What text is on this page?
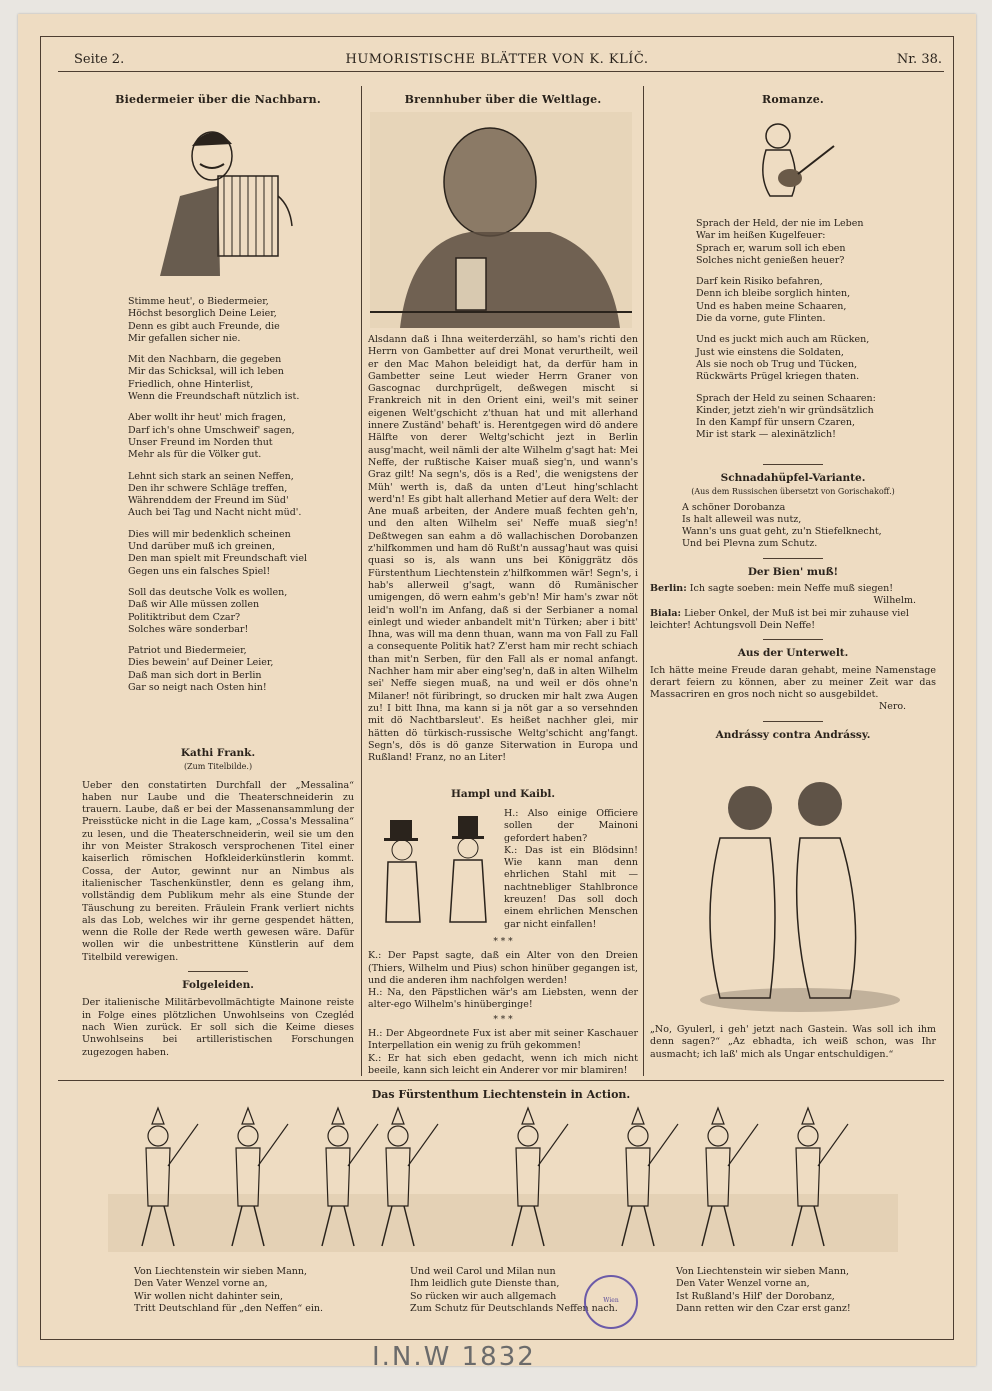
Seite 2.	HUMORISTISCHE BLÄTTER VON K. KLÍČ.	Nr. 38.
Biedermeier über die Nachbarn.

Stimme heut', o Biedermeier,

Höchst besorglich Deine Leier,

Denn es gibt auch Freunde, die

Mir gefallen sicher nie.

Mit den Nachbarn, die gegeben

Mir das Schicksal, will ich leben

Friedlich, ohne Hinterlist,

Wenn die Freundschaft nützlich ist.

Aber wollt ihr heut' mich fragen,

Darf ich's ohne Umschweif' sagen,

Unser Freund im Norden thut

Mehr als für die Völker gut.

Lehnt sich stark an seinen Neffen,

Den ihr schwere Schläge treffen,

Währenddem der Freund im Süd'

Auch bei Tag und Nacht nicht müd'.

Dies will mir bedenklich scheinen

Und darüber muß ich greinen,

Den man spielt mit Freundschaft viel

Gegen uns ein falsches Spiel!

Soll das deutsche Volk es wollen,

Daß wir Alle müssen zollen

Politiktribut dem Czar?

Solches wäre sonderbar!

Patriot und Biedermeier,

Dies bewein' auf Deiner Leier,

Daß man sich dort in Berlin

Gar so neigt nach Osten hin!

Kathi Frank.
(Zum Titelbilde.)

Ueber den constatirten Durchfall der „Messalina“ haben nur Laube und die Theaterschneiderin zu trauern. Laube, daß er bei der Massenansammlung der Preisstücke nicht in die Lage kam, „Cossa's Messalina“ zu lesen, und die Theaterschneiderin, weil sie um den ihr von Meister Strakosch versprochenen Titel einer kaiserlich römischen Hofkleiderkünstlerin kommt. Cossa, der Autor, gewinnt nur an Nimbus als italienischer Taschenkünstler, denn es gelang ihm, vollständig dem Publikum mehr als eine Stunde der Täuschung zu bereiten. Fräulein Frank verliert nichts als das Lob, welches wir ihr gerne gespendet hätten, wenn die Rolle der Rede werth gewesen wäre. Dafür wollen wir die unbestrittene Künstlerin auf dem Titelbild verewigen.

Folgeleiden.

Der italienische Militärbevollmächtigte Mainone reiste in Folge eines plötzlichen Unwohlseins von Czegléd nach Wien zurück. Er soll sich die Keime dieses Unwohlseins bei artilleristischen Forschungen zugezogen haben.

Brennhuber über die Weltlage.

Alsdann daß i Ihna weiterderzähl, so ham's richti den Herrn von Gambetter auf drei Monat verurtheilt, weil er den Mac Mahon beleidigt hat, da derfür ham in Gambetter seine Leut wieder Herrn Graner von Gascognac durchprügelt, deßwegen mischt si Frankreich nit in den Orient eini, weil's mit seiner eigenen Welt'gschicht z'thuan hat und mit allerhand innere Zuständ' behaft' is. Herentgegen wird dö andere Hälfte von derer Weltg'schicht jezt in Berlin ausg'macht, weil nämli der alte Wilhelm g'sagt hat: Mei Neffe, der rußtische Kaiser muaß sieg'n, und wann's Graz gilt! Na segn's, dös is a Red', die wenigstens der Müh' werth is, daß da unten d'Leut hing'schlacht werd'n! Es gibt halt allerhand Metier auf dera Welt: der Ane muaß arbeiten, der Andere muaß fechten geh'n, und den alten Wilhelm sei' Neffe muaß sieg'n! Deßtwegen san eahm a dö wallachischen Dorobanzen z'hilfkommen und ham dö Rußt'n aussag'haut was quisi quasi so is, als wann uns bei Königgrätz dös Fürstenthum Liechtenstein z'hilfkommen wär! Segn's, i hab's allerweil g'sagt, wann dö Rumänischer umigengen, dö wern eahm's geb'n! Mir ham's zwar nöt leid'n woll'n im Anfang, daß si der Serbianer a nomal einlegt und wieder anbandelt mit'n Türken; aber i bitt' Ihna, was will ma denn thuan, wann ma von Fall zu Fall a consequente Politik hat? Z'erst ham mir recht schiach than mit'n Serben, für den Fall als er nomal anfangt. Nachher ham mir aber eing'seg'n, daß in alten Wilhelm sei' Neffe siegen muaß, na und weil er dös ohne'n Milaner! nöt füribringt, so drucken mir halt zwa Augen zu! I bitt Ihna, ma kann si ja nöt gar a so versehnden mit dö Nachtbarsleut'. Es heißet nachher glei, mir hätten dö türkisch-russische Weltg'schicht ang'fangt. Segn's, dös is dö ganze Siterwation in Europa und Rußland! Franz, no an Liter!

Hampl und Kaibl.

H.: Also einige Officiere sollen der Mainoni gefordert haben?

K.: Das ist ein Blödsinn! Wie kann man denn ehrlichen Stahl mit — nachtnebliger Stahlbronce kreuzen! Das soll doch einem ehrlichen Menschen gar nicht einfallen!

* * *

K.: Der Papst sagte, daß ein Alter von den Dreien (Thiers, Wilhelm und Pius) schon hinüber gegangen ist, und die anderen ihm nachfolgen werden!

H.: Na, den Päpstlichen wär's am Liebsten, wenn der alter-ego Wilhelm's hinüberginge!

* * *

H.: Der Abgeordnete Fux ist aber mit seiner Kaschauer Interpellation ein wenig zu früh gekommen!

K.: Er hat sich eben gedacht, wenn ich mich nicht beeile, kann sich leicht ein Anderer vor mir blamiren!

Romanze.

Sprach der Held, der nie im Leben

War im heißen Kugelfeuer:

Sprach er, warum soll ich eben

Solches nicht genießen heuer?

Darf kein Risiko befahren,

Denn ich bleibe sorglich hinten,

Und es haben meine Schaaren,

Die da vorne, gute Flinten.

Und es juckt mich auch am Rücken,

Just wie einstens die Soldaten,

Als sie noch ob Trug und Tücken,

Rückwärts Prügel kriegen thaten.

Sprach der Held zu seinen Schaaren:

Kinder, jetzt zieh'n wir gründsätzlich

In den Kampf für unsern Czaren,

Mir ist stark — alexinätzlich!

Schnadahüpfel-Variante.
(Aus dem Russischen übersetzt von Gorischakoff.)

A schöner Dorobanza

Is halt alleweil was nutz,

Wann's uns guat geht, zu'n Stiefelknecht,

Und bei Plevna zum Schutz.

Der Bien' muß!

Berlin: Ich sagte soeben: mein Neffe muß siegen!

Wilhelm.

Biala: Lieber Onkel, der Muß ist bei mir zuhause viel leichter! Achtungsvoll Dein Neffe!

Aus der Unterwelt.

Ich hätte meine Freude daran gehabt, meine Namenstage derart feiern zu können, aber zu meiner Zeit war das Massacriren en gros noch nicht so ausgebildet.

Nero.

Andrássy contra Andrássy.

„No, Gyulerl, i geh' jetzt nach Gastein. Was soll ich ihm denn sagen?“ „Az ebhadta, ich weiß schon, was Ihr ausmacht; ich laß' mich als Ungar entschuldigen.“

Das Fürstenthum Liechtenstein in Action.

Von Liechtenstein wir sieben Mann,

Den Vater Wenzel vorne an,

Wir wollen nicht dahinter sein,

Tritt Deutschland für „den Neffen“ ein.

Und weil Carol und Milan nun

Ihm leidlich gute Dienste than,

So rücken wir auch allgemach

Zum Schutz für Deutschlands Neffen nach.

Von Liechtenstein wir sieben Mann,

Den Vater Wenzel vorne an,

Ist Rußland's Hilf' der Dorobanz,

Dann retten wir den Czar erst ganz!

Wien
I.N.W 1832
